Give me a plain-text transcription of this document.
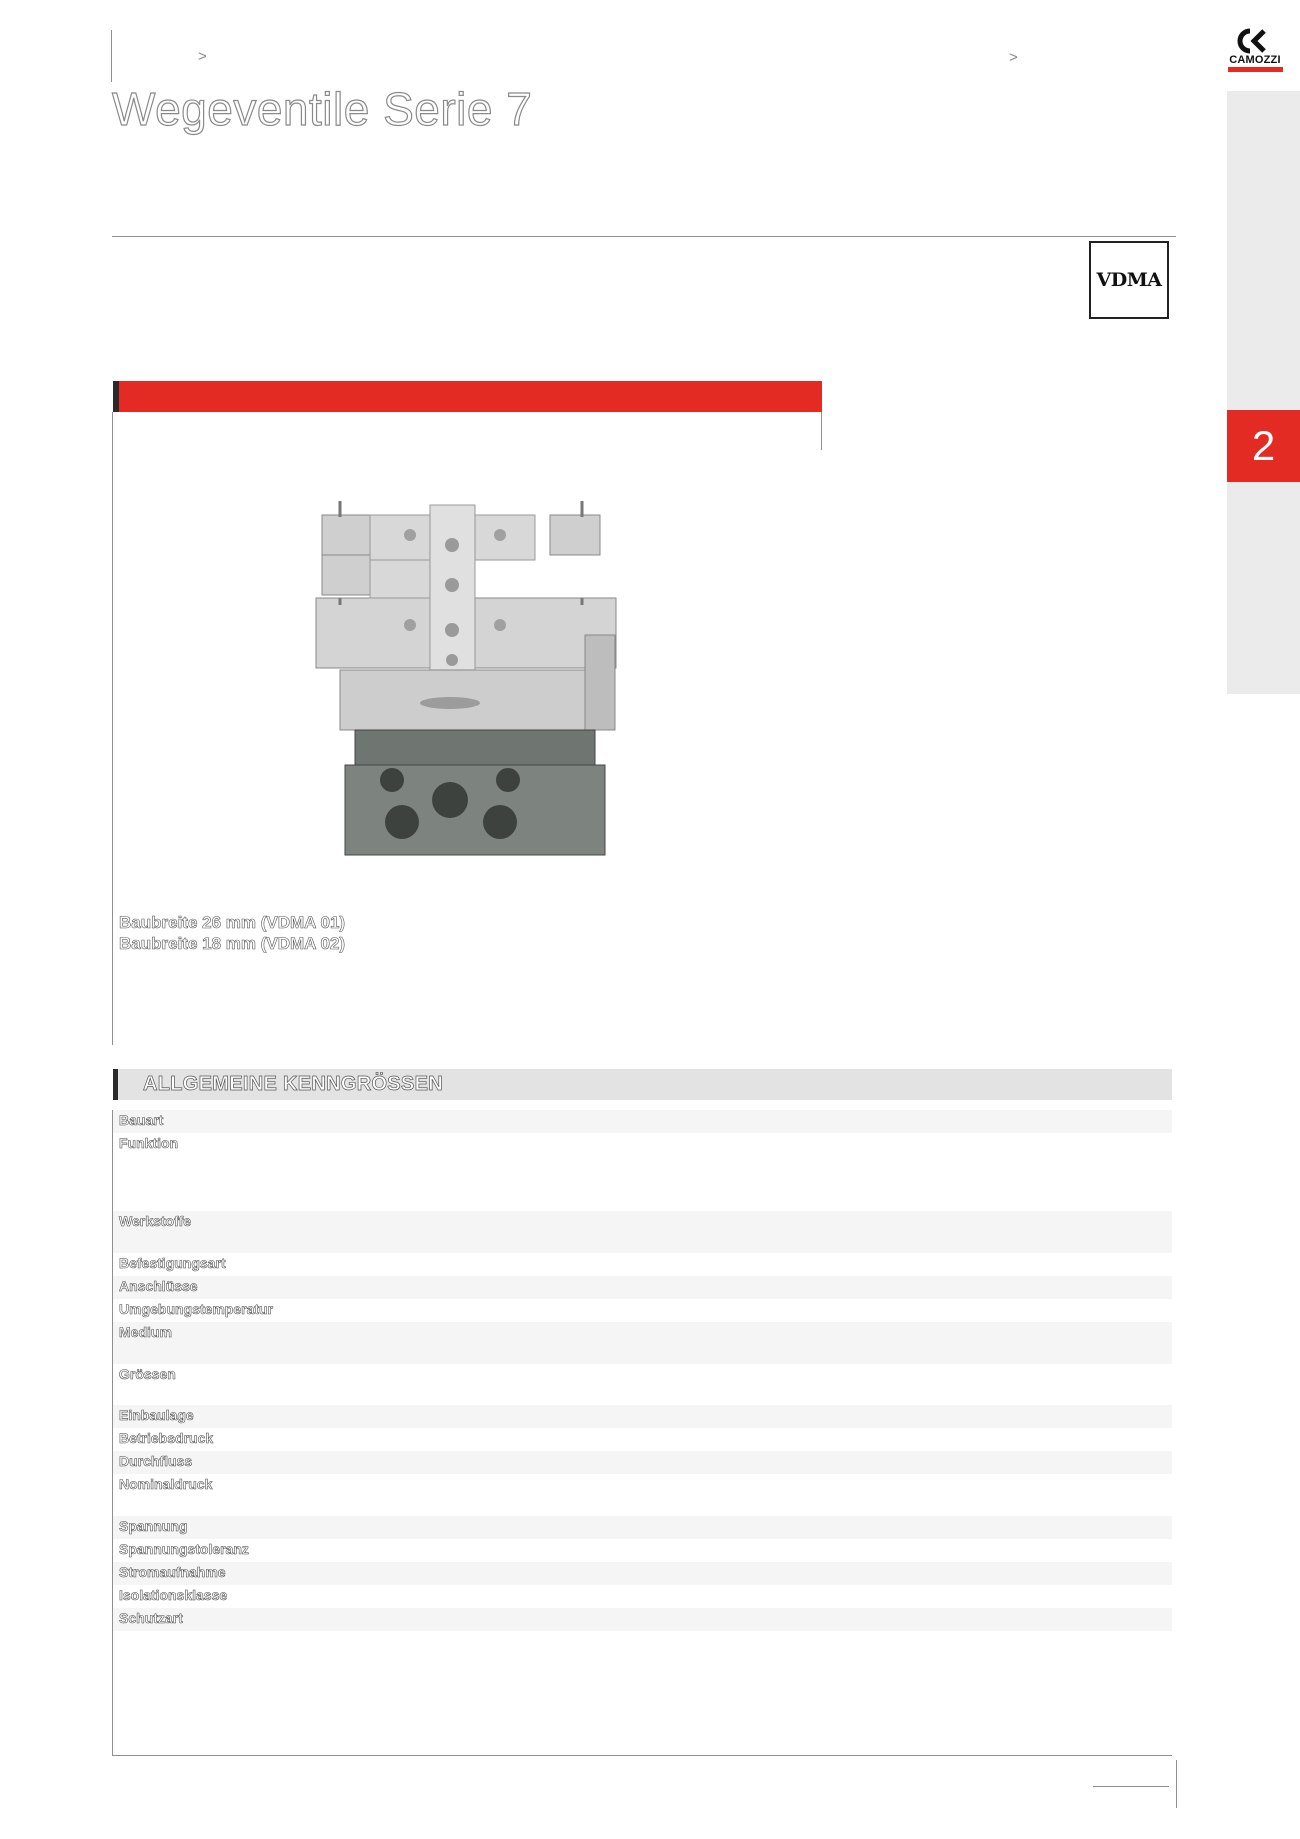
>	>
Wegeventile Serie 7
CAMOZZI
2
VDMA
Baubreite 26 mm (VDMA 01)
Baubreite 18 mm (VDMA 02)
ALLGEMEINE KENNGRÖSSEN
Bauart
Funktion
Werkstoffe
Befestigungsart
Anschlüsse
Umgebungstemperatur
Medium
Grössen
Einbaulage
Betriebsdruck
Durchfluss
Nominaldruck
Spannung
Spannungstoleranz
Stromaufnahme
Isolationsklasse
Schutzart
